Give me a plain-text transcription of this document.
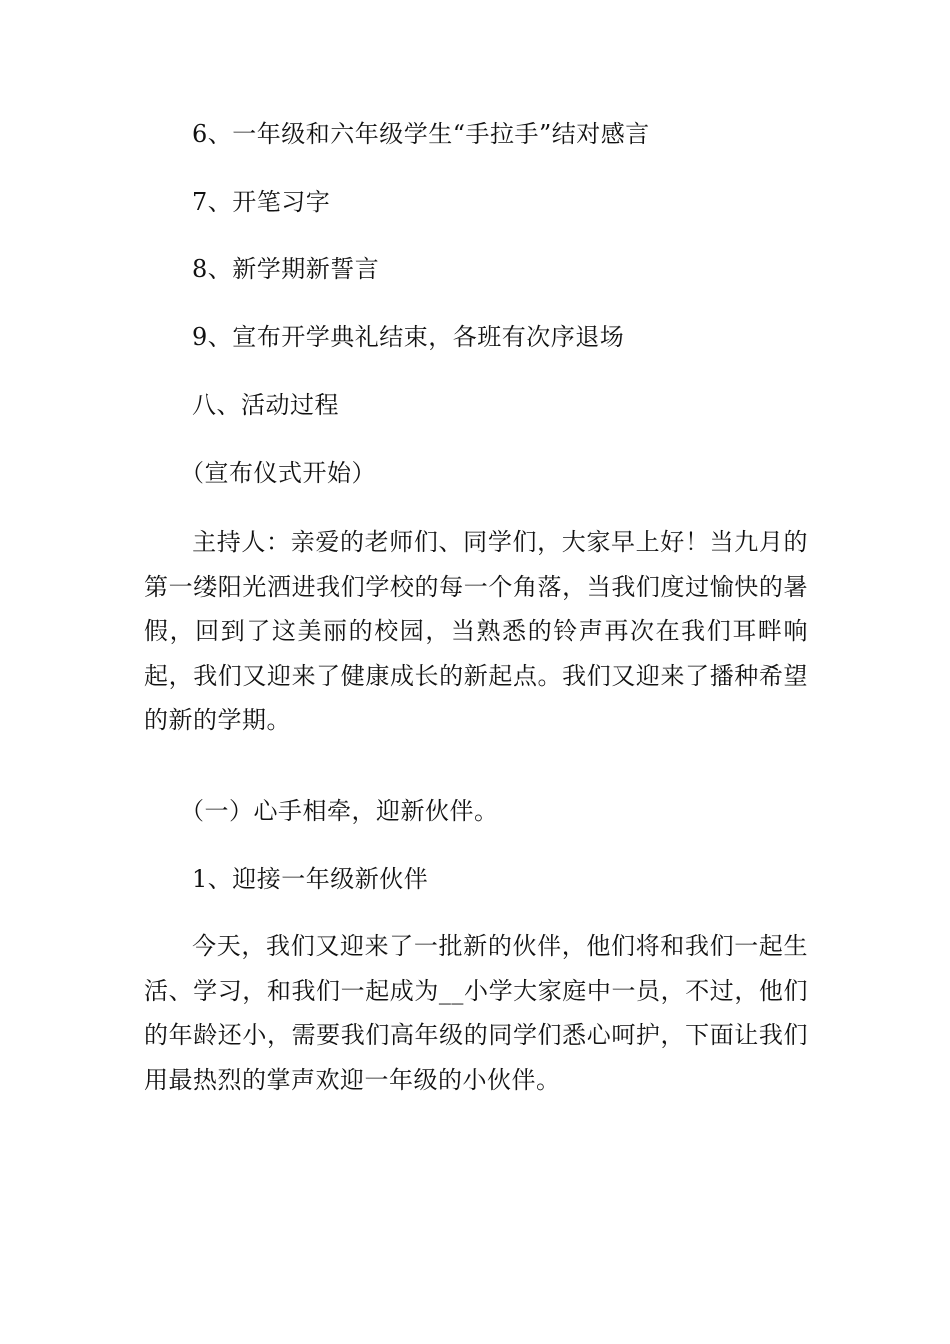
6、一年级和六年级学生“手拉手”结对感言
7、开笔习字
8、新学期新誓言
9、宣布开学典礼结束，各班有次序退场
八、活动过程
（宣布仪式开始）
主持人：亲爱的老师们、同学们，大家早上好！当九月的第一缕阳光洒进我们学校的每一个角落，当我们度过愉快的暑假，回到了这美丽的校园，当熟悉的铃声再次在我们耳畔响起，我们又迎来了健康成长的新起点。我们又迎来了播种希望的新的学期。
（一）心手相牵，迎新伙伴。
1、迎接一年级新伙伴
今天，我们又迎来了一批新的伙伴，他们将和我们一起生活、学习，和我们一起成为__小学大家庭中一员，不过，他们的年龄还小，需要我们高年级的同学们悉心呵护，下面让我们用最热烈的掌声欢迎一年级的小伙伴。
